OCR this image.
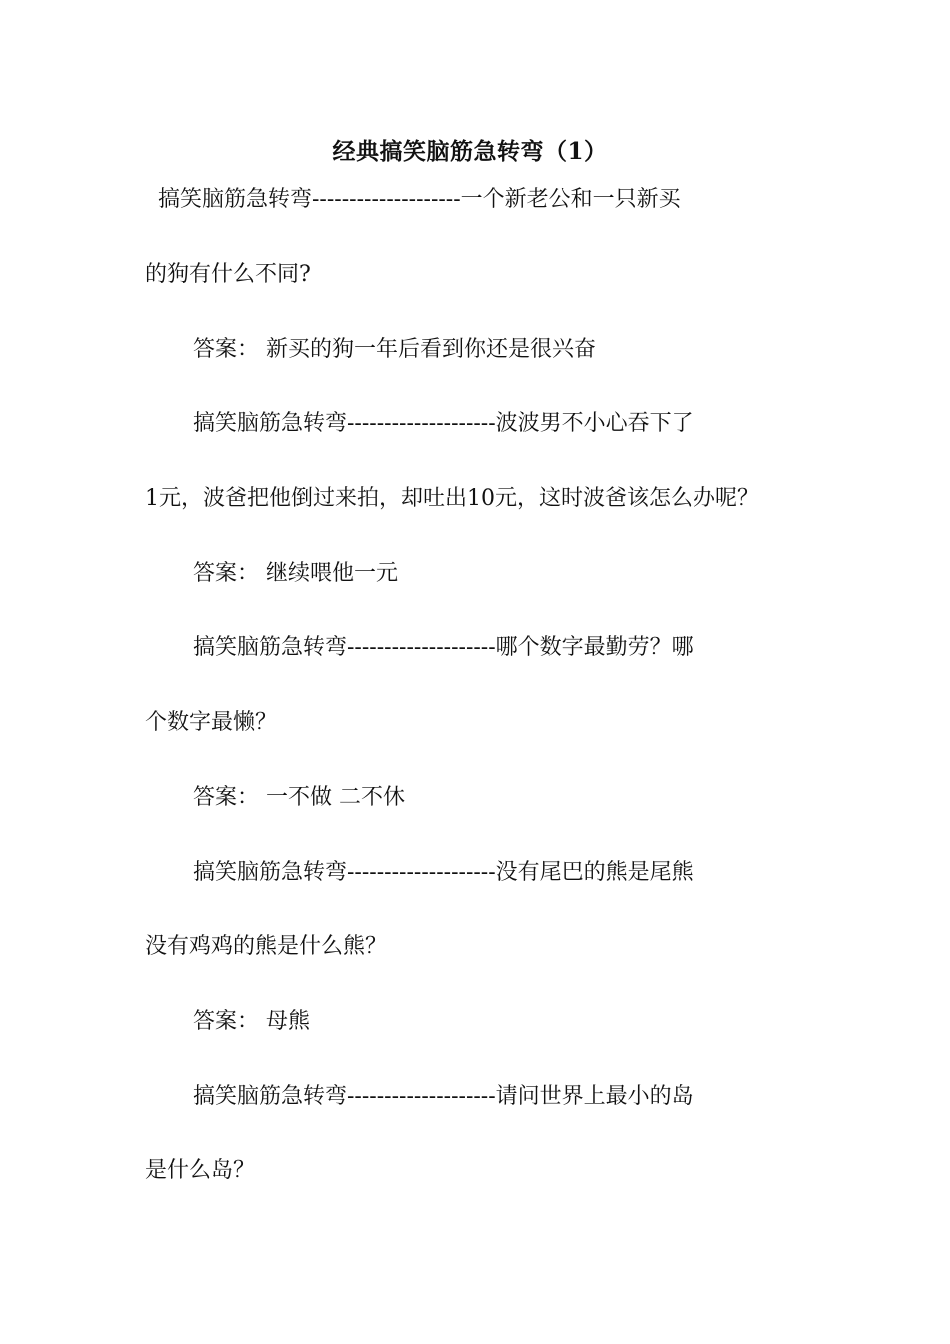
经典搞笑脑筋急转弯（1）
搞笑脑筋急转弯--------------------一个新老公和一只新买
的狗有什么不同?
答案： 新买的狗一年后看到你还是很兴奋
搞笑脑筋急转弯--------------------波波男不小心吞下了
1元，波爸把他倒过来拍，却吐出10元，这时波爸该怎么办呢？
答案： 继续喂他一元
搞笑脑筋急转弯--------------------哪个数字最勤劳？哪
个数字最懒？
答案： 一不做 二不休
搞笑脑筋急转弯--------------------没有尾巴的熊是尾熊
没有鸡鸡的熊是什么熊？
答案： 母熊
搞笑脑筋急转弯--------------------请问世界上最小的岛
是什么岛？
